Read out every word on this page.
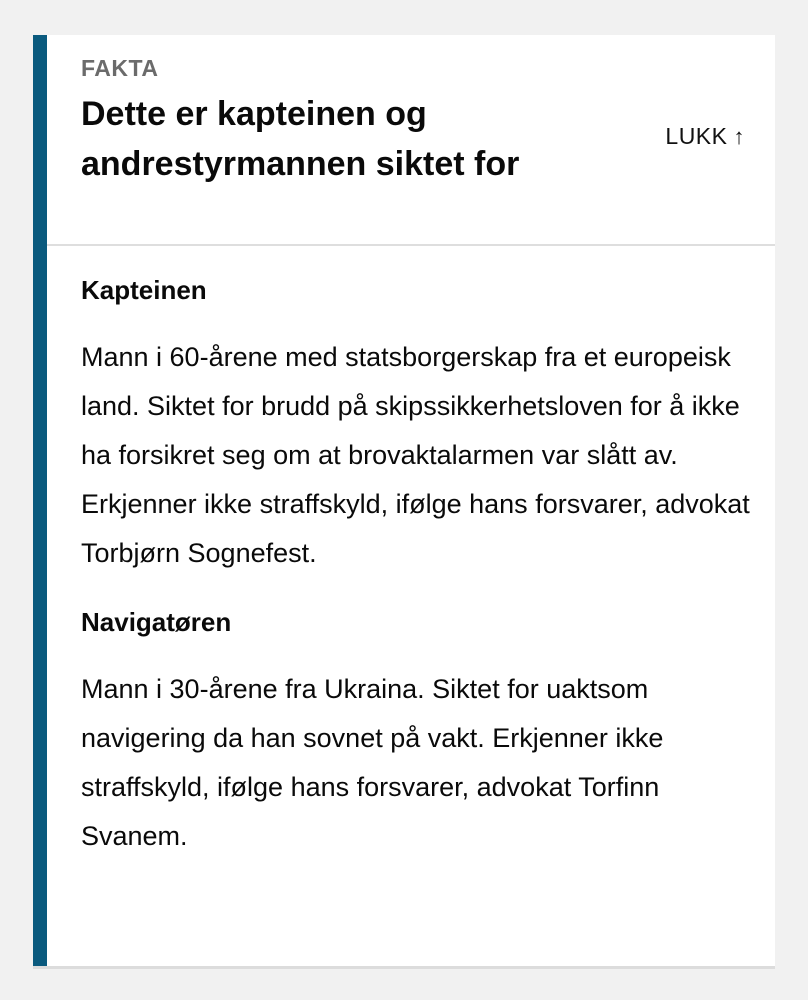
FAKTA
Dette er kapteinen og andrestyrmannen siktet for
LUKK ↑
Kapteinen

Mann i 60-årene med statsborgerskap fra et europeisk land. Siktet for brudd på skipssikkerhetsloven for å ikke ha forsikret seg om at brovaktalarmen var slått av. Erkjenner ikke straffskyld, ifølge hans forsvarer, advokat Torbjørn Sognefest.

Navigatøren

Mann i 30-årene fra Ukraina. Siktet for uaktsom navigering da han sovnet på vakt. Erkjenner ikke straffskyld, ifølge hans forsvarer, advokat Torfinn Svanem.
